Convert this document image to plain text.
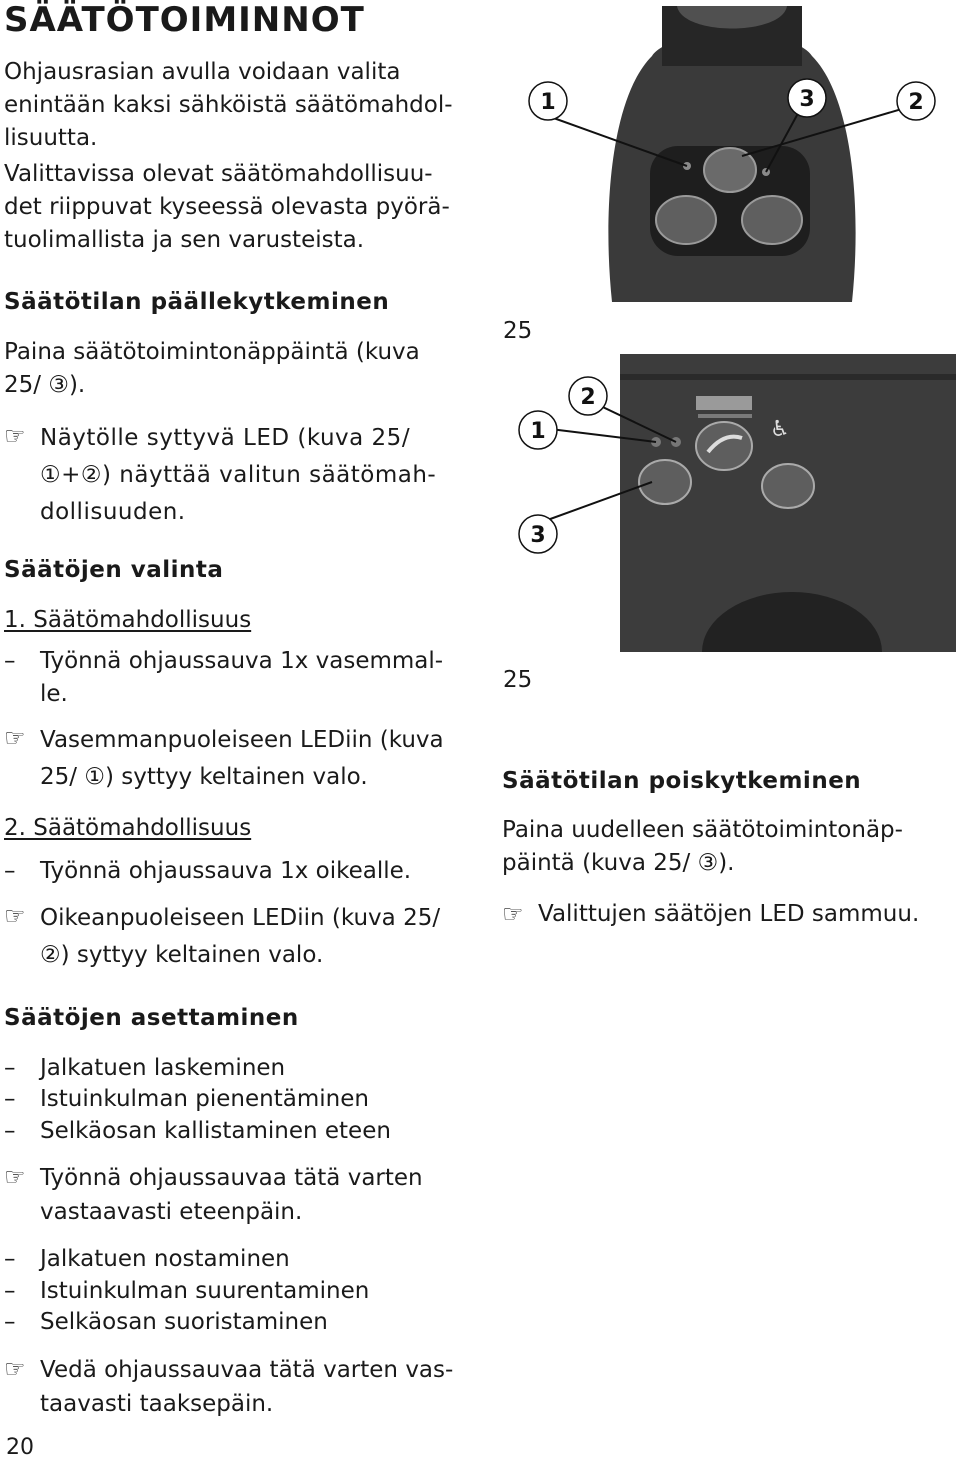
SÄÄTÖTOIMINNOT
Ohjausrasian avulla voidaan valita
enintään kaksi sähköistä säätömahdol-
lisuutta.
Valittavissa olevat säätömahdollisuu-
det riippuvat kyseessä olevasta pyörä-
tuolimallista ja sen varusteista.
Säätötilan päällekytkeminen
Paina säätötoimintonäppäintä (kuva
25/ ③).
☞ Näytölle syttyvä LED (kuva 25/
①+②) näyttää valitun säätömah-
dollisuuden.
Säätöjen valinta
1. Säätömahdollisuus
– Työnnä ohjaussauva 1x vasemmal-
le.
☞ Vasemmanpuoleiseen LEDiin (kuva
25/ ①) syttyy keltainen valo.
2. Säätömahdollisuus
– Työnnä ohjaussauva 1x oikealle.
☞ Oikeanpuoleiseen LEDiin (kuva 25/
②) syttyy keltainen valo.
Säätöjen asettaminen
– Jalkatuen laskeminen
– Istuinkulman pienentäminen
– Selkäosan kallistaminen eteen
☞ Työnnä ohjaussauvaa tätä varten
vastaavasti eteenpäin.
– Jalkatuen nostaminen
– Istuinkulman suurentaminen
– Selkäosan suoristaminen
☞ Vedä ohjaussauvaa tätä varten vas-
taavasti taaksepäin.
1	3	2
25
♿
2
1
3
25
Säätötilan poiskytkeminen
Paina uudelleen säätötoimintonäp-
päintä (kuva 25/ ③).
☞ Valittujen säätöjen LED sammuu.
20
